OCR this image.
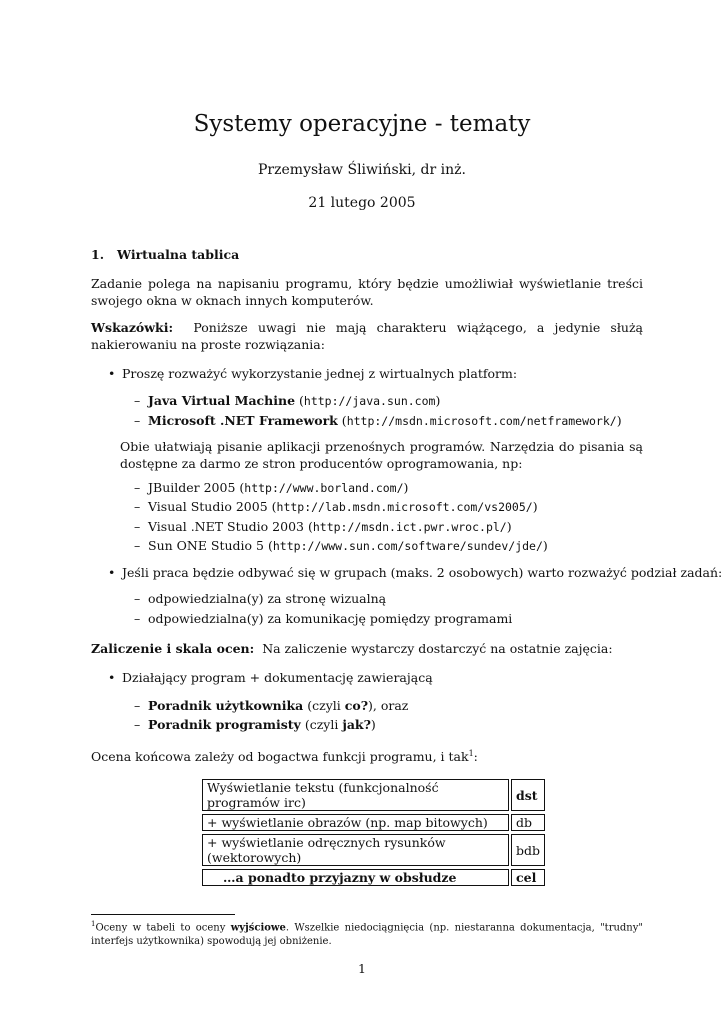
Systemy operacyjne - tematy
Przemysław Śliwiński, dr inż.
21 lutego 2005
1. Wirtualna tablica
Zadanie polega na napisaniu programu, który będzie umożliwiał wyświetlanie treści swojego okna w oknach innych komputerów.
Wskazówki: Poniższe uwagi nie mają charakteru wiążącego, a jedynie służą nakierowaniu na proste rozwiązania:
• Proszę rozważyć wykorzystanie jednej z wirtualnych platform:
– Java Virtual Machine (http://java.sun.com)
– Microsoft .NET Framework (http://msdn.microsoft.com/netframework/)
Obie ułatwiają pisanie aplikacji przenośnych programów. Narzędzia do pisania są dostępne za darmo ze stron producentów oprogramowania, np:
– JBuilder 2005 (http://www.borland.com/)
– Visual Studio 2005 (http://lab.msdn.microsoft.com/vs2005/)
– Visual .NET Studio 2003 (http://msdn.ict.pwr.wroc.pl/)
– Sun ONE Studio 5 (http://www.sun.com/software/sundev/jde/)
• Jeśli praca będzie odbywać się w grupach (maks. 2 osobowych) warto rozważyć podział zadań:
– odpowiedzialna(y) za stronę wizualną
– odpowiedzialna(y) za komunikację pomiędzy programami
Zaliczenie i skala ocen: Na zaliczenie wystarczy dostarczyć na ostatnie zajęcia:
• Działający program + dokumentację zawierającą
– Poradnik użytkownika (czyli co?), oraz
– Poradnik programisty (czyli jak?)
Ocena końcowa zależy od bogactwa funkcji programu, i tak$^1$:
Wyświetlanie tekstu (funkcjonalność programów irc)		dst
+ wyświetlanie obrazów (np. map bitowych)		db
+ wyświetlanie odręcznych rysunków (wektorowych)		bdb
…a ponadto przyjazny w obsłudze		cel
$^1$Oceny w tabeli to oceny wyjściowe. Wszelkie niedociągnięcia (np. niestaranna dokumentacja, "trudny" interfejs użytkownika) spowodują jej obniżenie.
1
